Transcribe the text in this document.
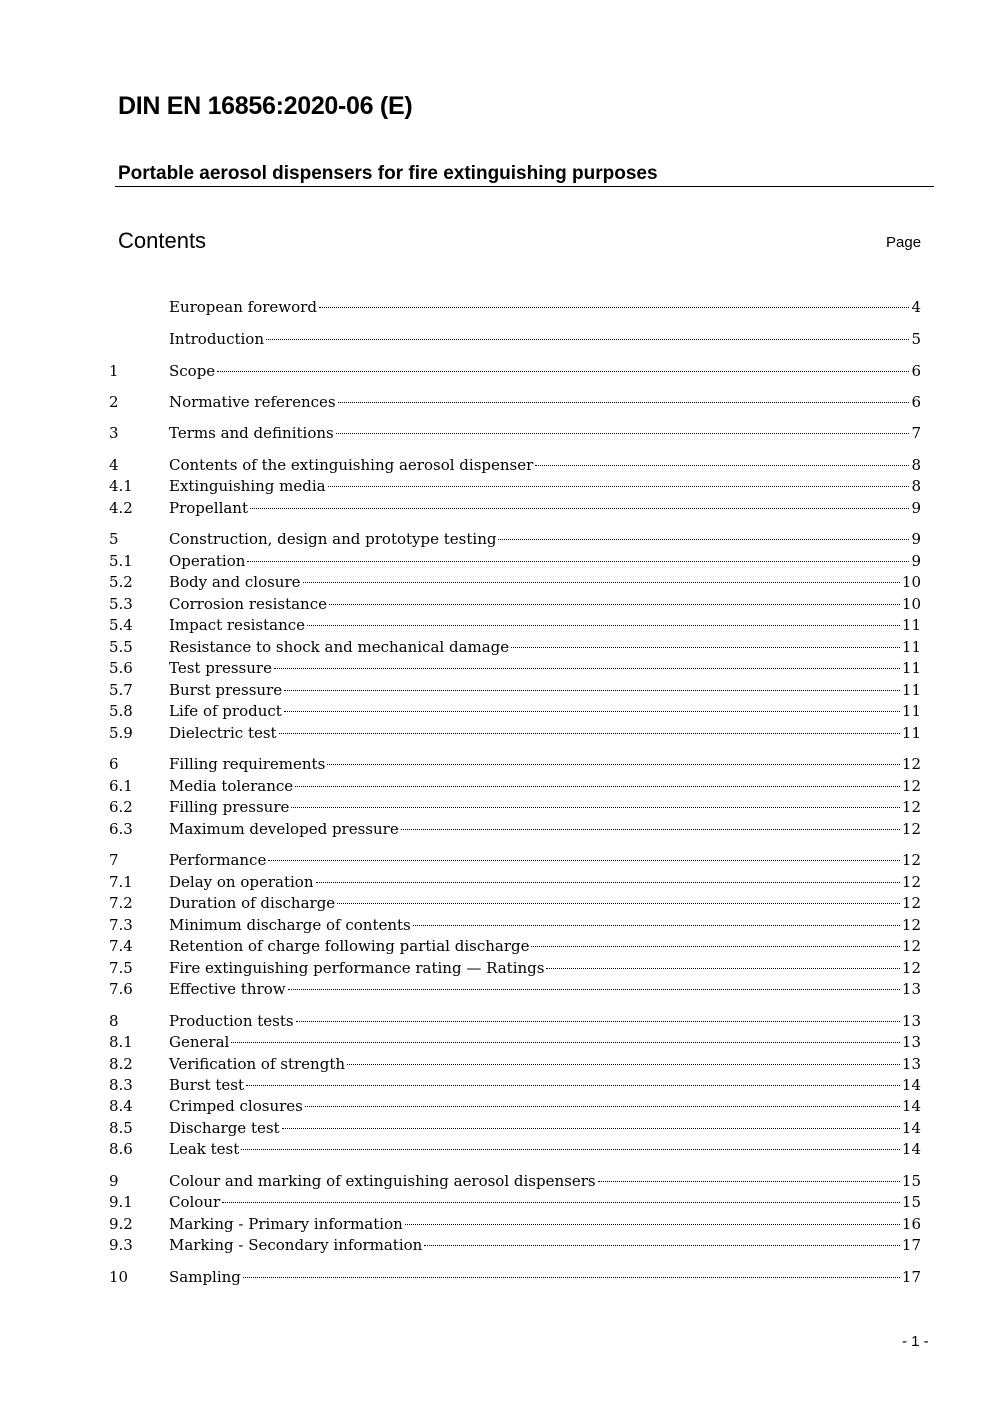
DIN EN 16856:2020-06 (E)
Portable aerosol dispensers for fire extinguishing purposes
Contents	Page
European foreword	4
Introduction	5
1	Scope	6
2	Normative references	6
3	Terms and definitions	7
4	Contents of the extinguishing aerosol dispenser	8
4.1	Extinguishing media	8
4.2	Propellant	9
5	Construction, design and prototype testing	9
5.1	Operation	9
5.2	Body and closure	10
5.3	Corrosion resistance	10
5.4	Impact resistance	11
5.5	Resistance to shock and mechanical damage	11
5.6	Test pressure	11
5.7	Burst pressure	11
5.8	Life of product	11
5.9	Dielectric test	11
6	Filling requirements	12
6.1	Media tolerance	12
6.2	Filling pressure	12
6.3	Maximum developed pressure	12
7	Performance	12
7.1	Delay on operation	12
7.2	Duration of discharge	12
7.3	Minimum discharge of contents	12
7.4	Retention of charge following partial discharge	12
7.5	Fire extinguishing performance rating — Ratings	12
7.6	Effective throw	13
8	Production tests	13
8.1	General	13
8.2	Verification of strength	13
8.3	Burst test	14
8.4	Crimped closures	14
8.5	Discharge test	14
8.6	Leak test	14
9	Colour and marking of extinguishing aerosol dispensers	15
9.1	Colour	15
9.2	Marking - Primary information	16
9.3	Marking - Secondary information	17
10	Sampling	17
- 1 -
